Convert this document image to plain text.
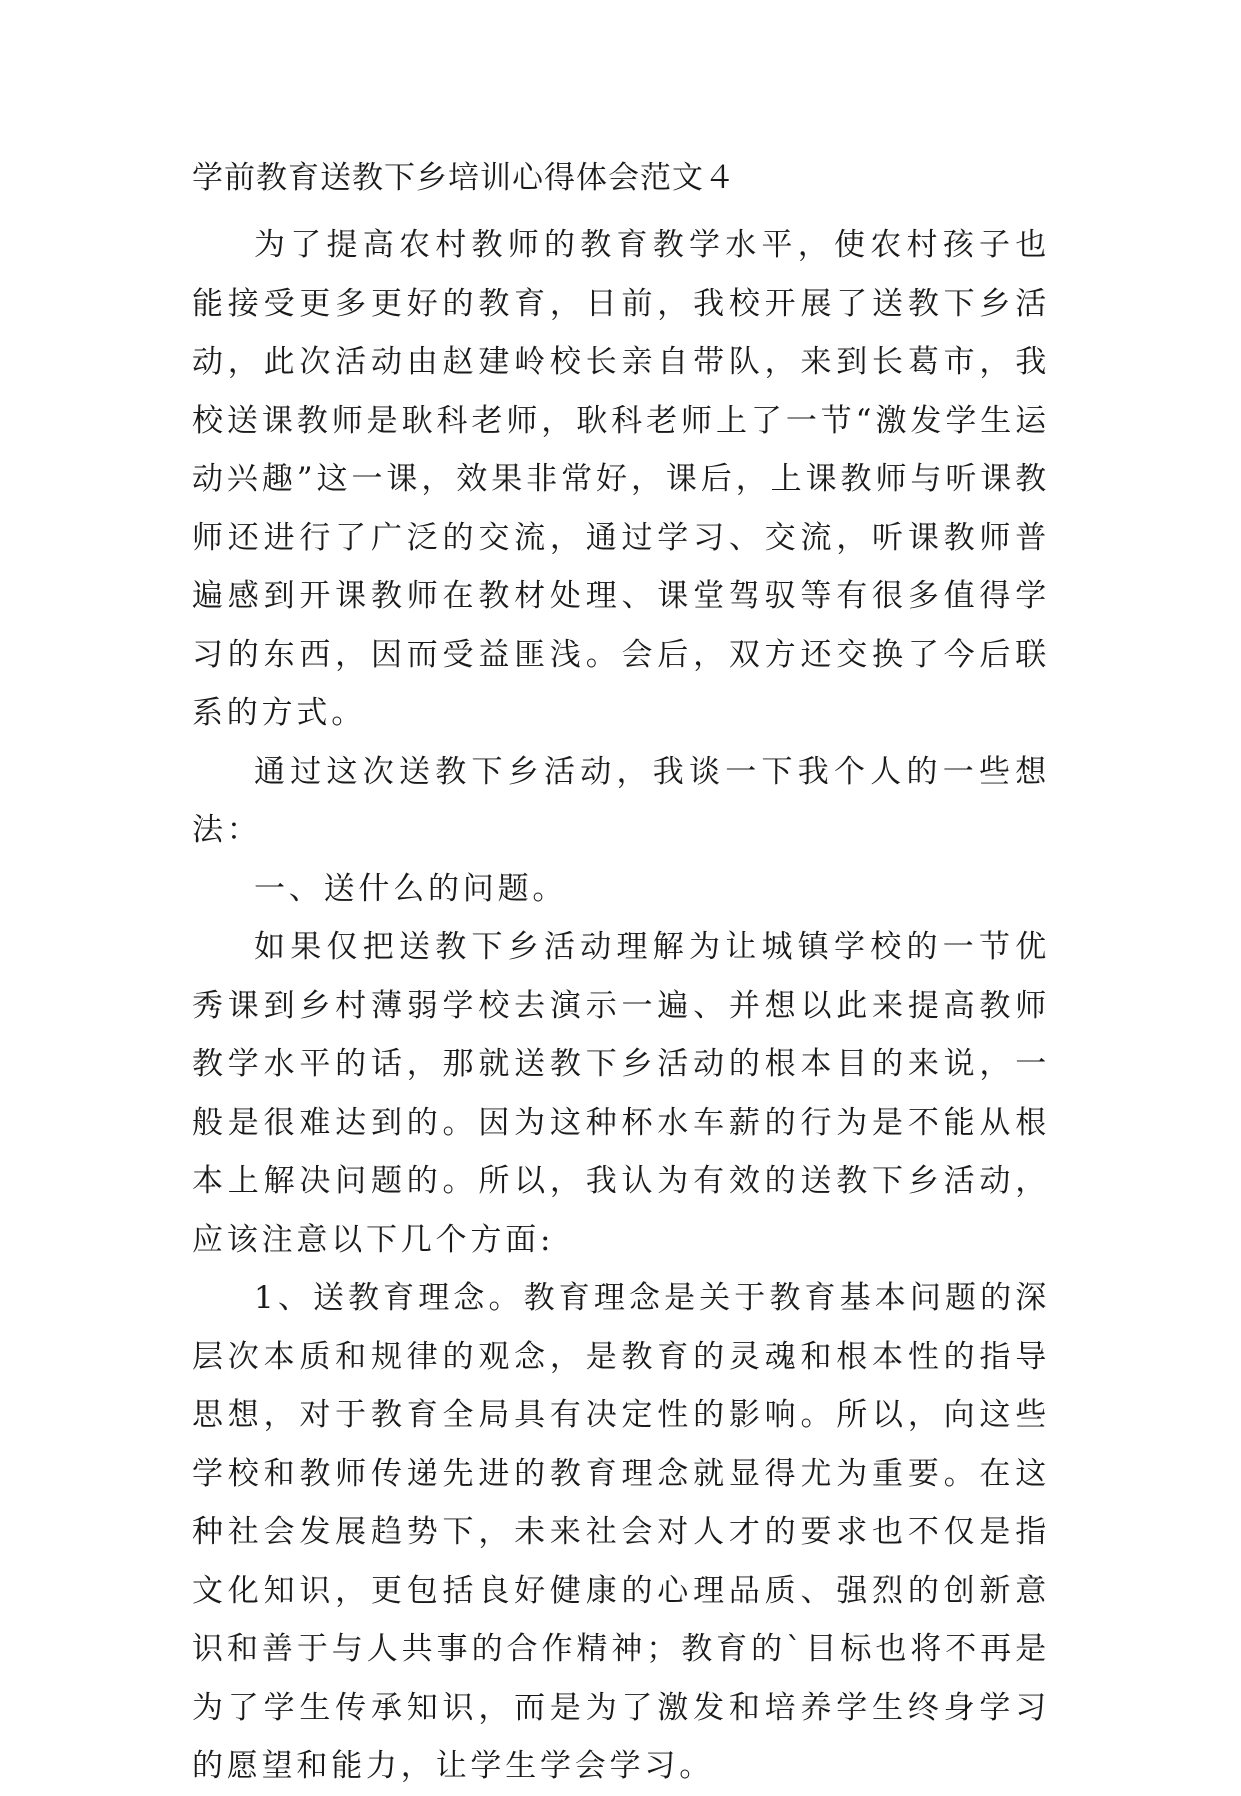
学前教育送教下乡培训心得体会范文４

为了提高农村教师的教育教学水平，使农村孩子也能接受更多更好的教育，日前，我校开展了送教下乡活动，此次活动由赵建岭校长亲自带队，来到长葛市，我校送课教师是耿科老师，耿科老师上了一节“激发学生运动兴趣”这一课，效果非常好，课后，上课教师与听课教师还进行了广泛的交流，通过学习、交流，听课教师普遍感到开课教师在教材处理、课堂驾驭等有很多值得学习的东西，因而受益匪浅。会后，双方还交换了今后联系的方式。

通过这次送教下乡活动，我谈一下我个人的一些想法：

一、送什么的问题。

如果仅把送教下乡活动理解为让城镇学校的一节优秀课到乡村薄弱学校去演示一遍、并想以此来提高教师教学水平的话，那就送教下乡活动的根本目的来说，一般是很难达到的。因为这种杯水车薪的行为是不能从根本上解决问题的。所以，我认为有效的送教下乡活动，应该注意以下几个方面:

1、送教育理念。教育理念是关于教育基本问题的深层次本质和规律的观念，是教育的灵魂和根本性的指导思想，对于教育全局具有决定性的影响。所以，向这些学校和教师传递先进的教育理念就显得尤为重要。在这种社会发展趋势下，未来社会对人才的要求也不仅是指文化知识，更包括良好健康的心理品质、强烈的创新意识和善于与人共事的合作精神；教育的`目标也将不再是为了学生传承知识，而是为了激发和培养学生终身学习的愿望和能力，让学生学会学习。
